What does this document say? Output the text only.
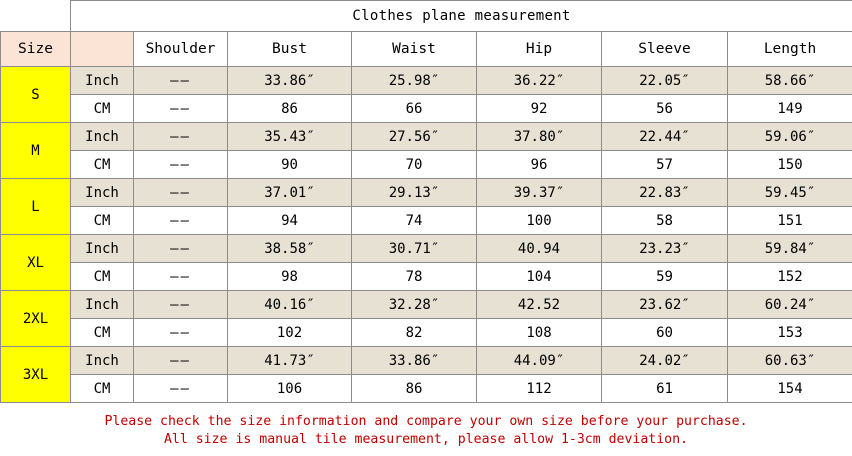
	Clothes plane measurement						
Size		Shoulder	Bust	Waist	Hip	Sleeve	Length
S	Inch	——	33.86″	25.98″	36.22″	22.05″	58.66″
	CM	——	86	66	92	56	149
M	Inch	——	35.43″	27.56″	37.80″	22.44″	59.06″
	CM	——	90	70	96	57	150
L	Inch	——	37.01″	29.13″	39.37″	22.83″	59.45″
	CM	——	94	74	100	58	151
XL	Inch	——	38.58″	30.71″	40.94	23.23″	59.84″
	CM	——	98	78	104	59	152
2XL	Inch	——	40.16″	32.28″	42.52	23.62″	60.24″
	CM	——	102	82	108	60	153
3XL	Inch	——	41.73″	33.86″	44.09″	24.02″	60.63″
	CM	——	106	86	112	61	154
Please check the size information and compare your own size before your purchase.
All size is manual tile measurement, please allow 1-3cm deviation.
